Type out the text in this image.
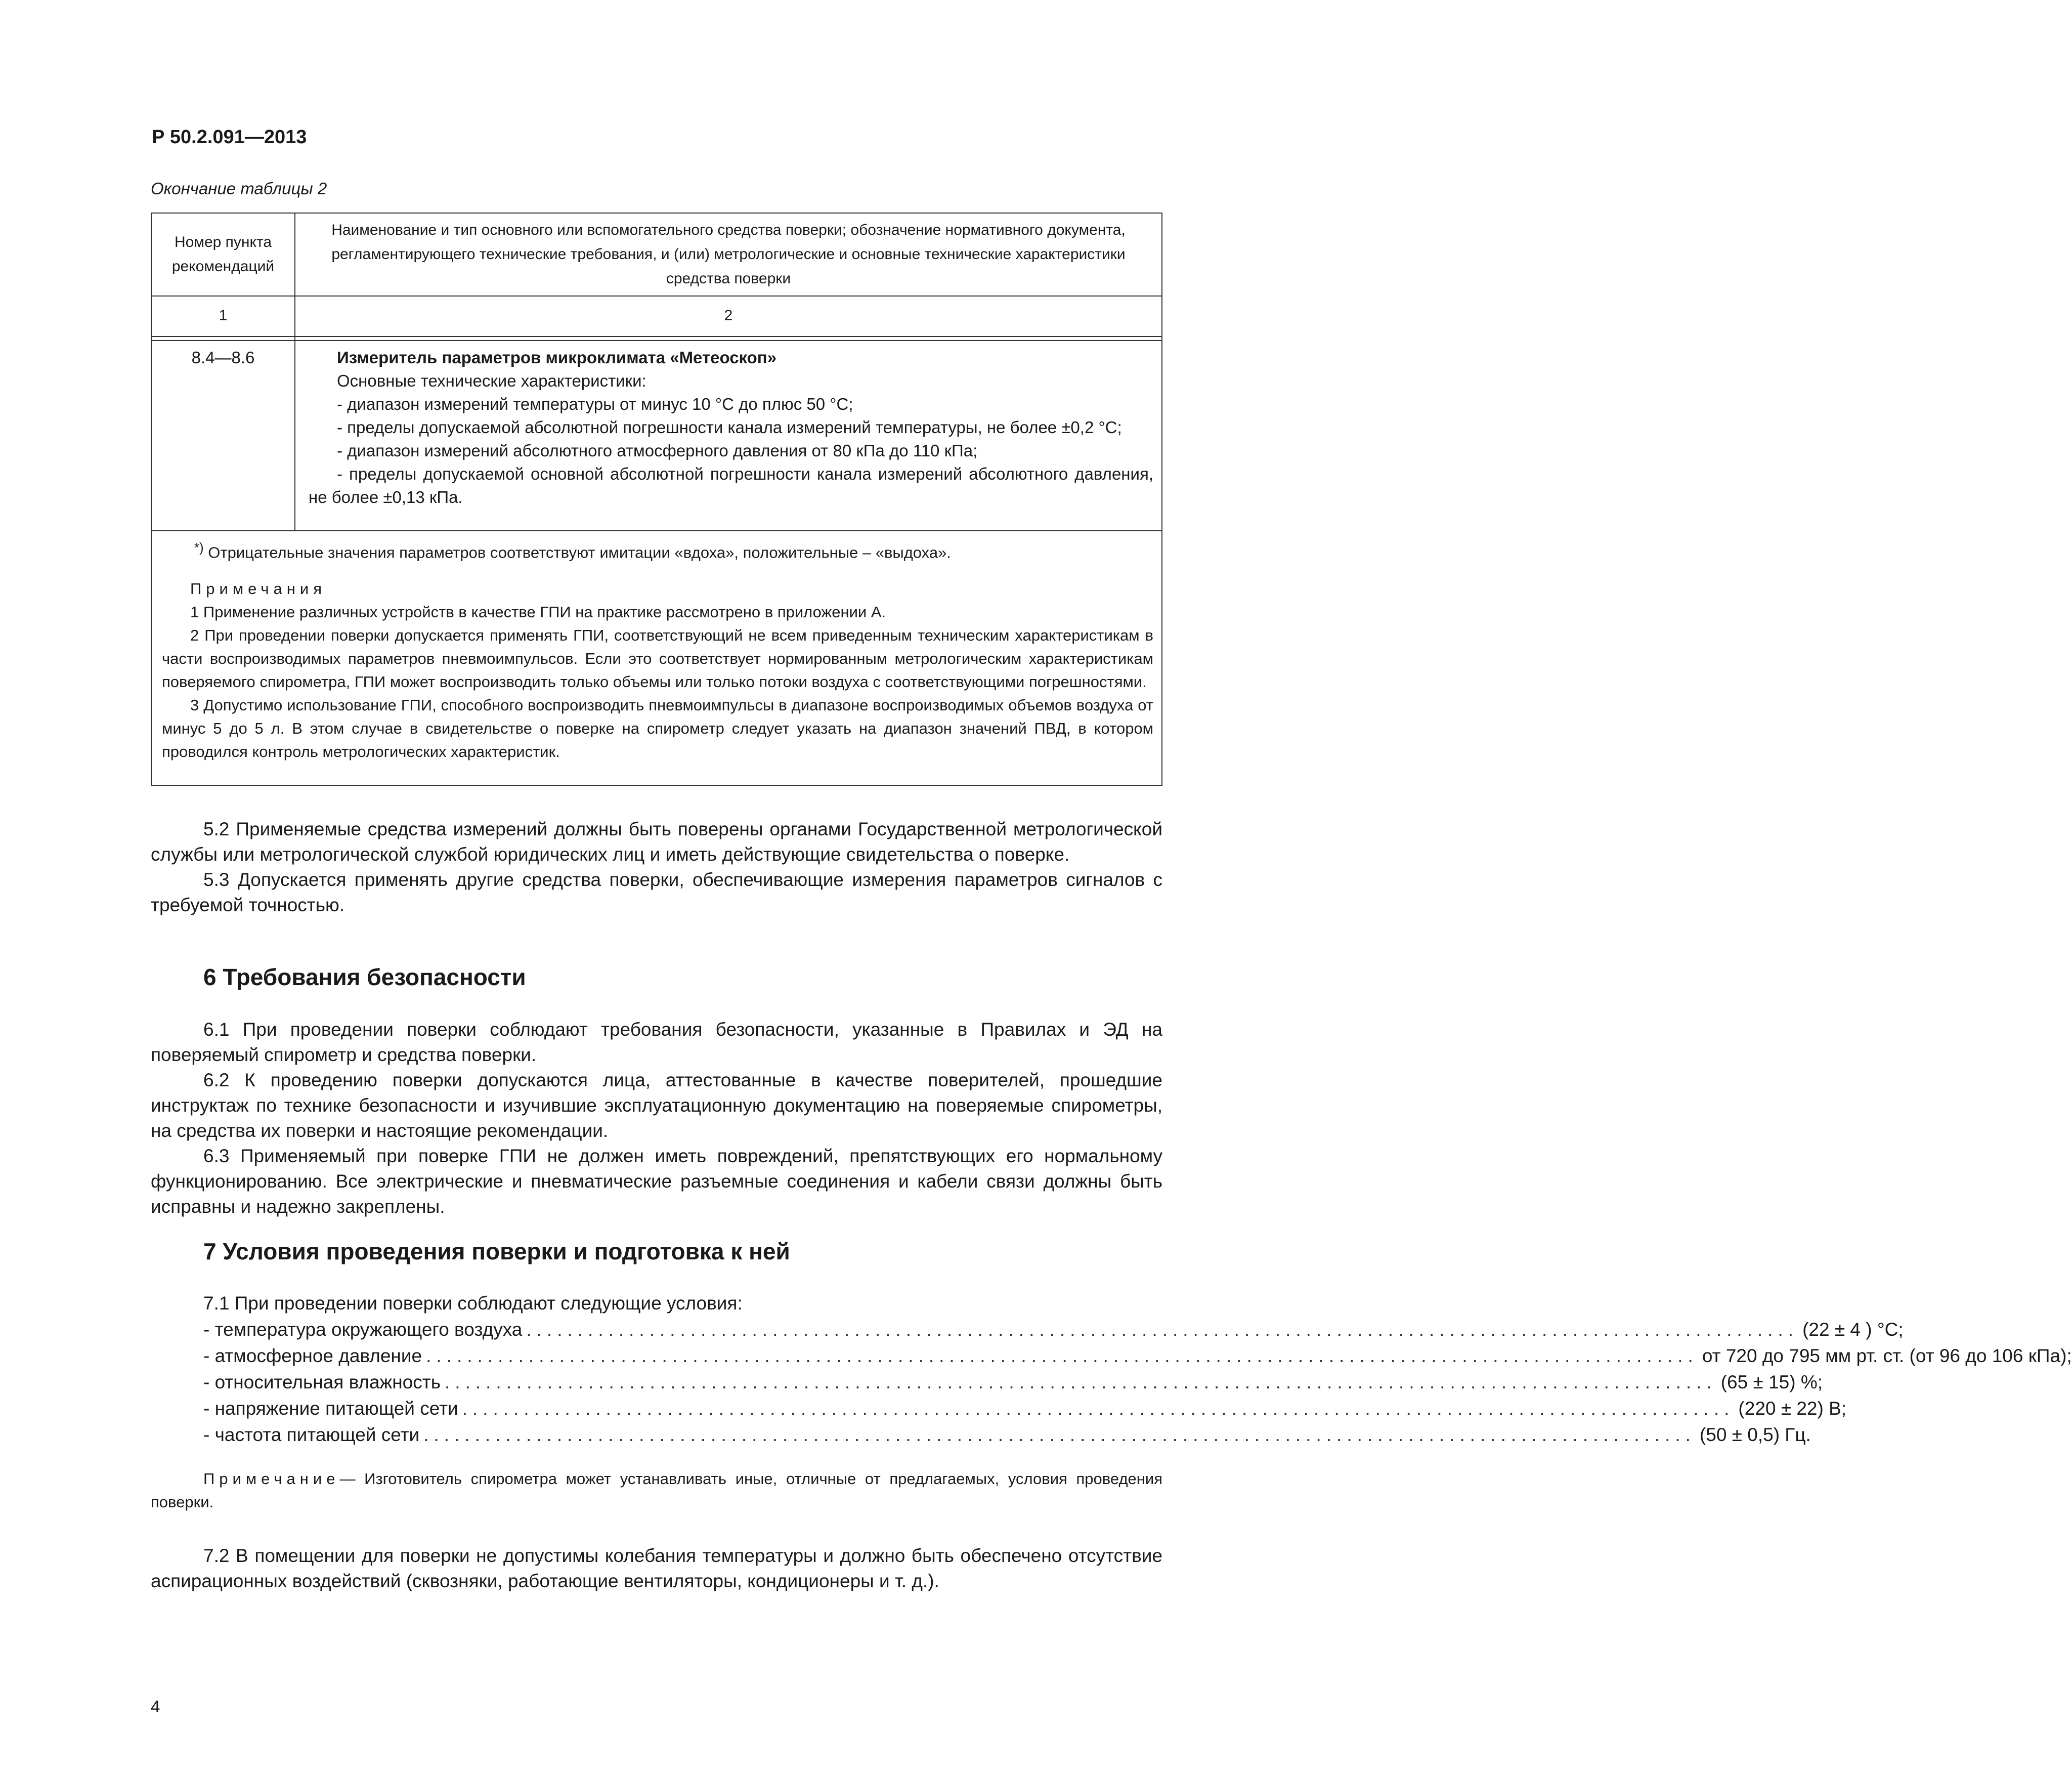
Р 50.2.091—2013
Окончание таблицы 2
Номер пункта рекомендаций
Наименование и тип основного или вспомогательного средства поверки; обозначение нормативного документа, регламентирующего технические требования, и (или) метрологические и основные технические характеристики средства поверки
1	2
8.4—8.6	Измеритель параметров микроклимата «Метеоскоп»
Основные технические характеристики:
- диапазон измерений температуры от минус 10 °С до плюс 50 °С;
- пределы допускаемой абсолютной погрешности канала измерений температуры, не более ±0,2 °С;
- диапазон измерений абсолютного атмосферного давления от 80 кПа до 110 кПа;
- пределы допускаемой основной абсолютной погрешности канала измерений абсолютного давления, не более ±0,13 кПа.

*) Отрицательные значения параметров соответствуют имитации «вдоха», положительные – «выдоха».

Примечания

1 Применение различных устройств в качестве ГПИ на практике рассмотрено в приложении А.

2 При проведении поверки допускается применять ГПИ, соответствующий не всем приведенным техническим характеристикам в части воспроизводимых параметров пневмоимпульсов. Если это соответствует нормированным метрологическим характеристикам поверяемого спирометра, ГПИ может воспроизводить только объемы или только потоки воздуха с соответствующими погрешностями.

3 Допустимо использование ГПИ, способного воспроизводить пневмоимпульсы в диапазоне воспроизводимых объемов воздуха от минус 5 до 5 л. В этом случае в свидетельстве о поверке на спирометр следует указать на диапазон значений ПВД, в котором проводился контроль метрологических характеристик.

5.2 Применяемые средства измерений должны быть поверены органами Государственной метрологической службы или метрологической службой юридических лиц и иметь действующие свидетельства о поверке.

5.3 Допускается применять другие средства поверки, обеспечивающие измерения параметров сигналов с требуемой точностью.

6 Требования безопасности

6.1 При проведении поверки соблюдают требования безопасности, указанные в Правилах и ЭД на поверяемый спирометр и средства поверки.

6.2 К проведению поверки допускаются лица, аттестованные в качестве поверителей, прошедшие инструктаж по технике безопасности и изучившие эксплуатационную документацию на поверяемые спирометры, на средства их поверки и настоящие рекомендации.

6.3 Применяемый при поверке ГПИ не должен иметь повреждений, препятствующих его нормальному функционированию. Все электрические и пневматические разъемные соединения и кабели связи должны быть исправны и надежно закреплены.

7 Условия проведения поверки и подготовка к ней
7.1 При проведении поверки соблюдают следующие условия:
- температура окружающего воздуха ............................................................................................................................ (22 ± 4 ) °С;
- атмосферное давление ............................................................................................................................ от 720 до 795 мм рт. ст. (от 96 до 106 кПа);
- относительная влажность ............................................................................................................................ (65 ± 15) %;
- напряжение питающей сети ............................................................................................................................ (220 ± 22) В;
- частота питающей сети ............................................................................................................................ (50 ± 0,5) Гц.
Примечание— Изготовитель спирометра может устанавливать иные, отличные от предлагаемых, условия проведения поверки.

7.2 В помещении для поверки не допустимы колебания температуры и должно быть обеспечено отсутствие аспирационных воздействий (сквозняки, работающие вентиляторы, кондиционеры и т. д.).

4
